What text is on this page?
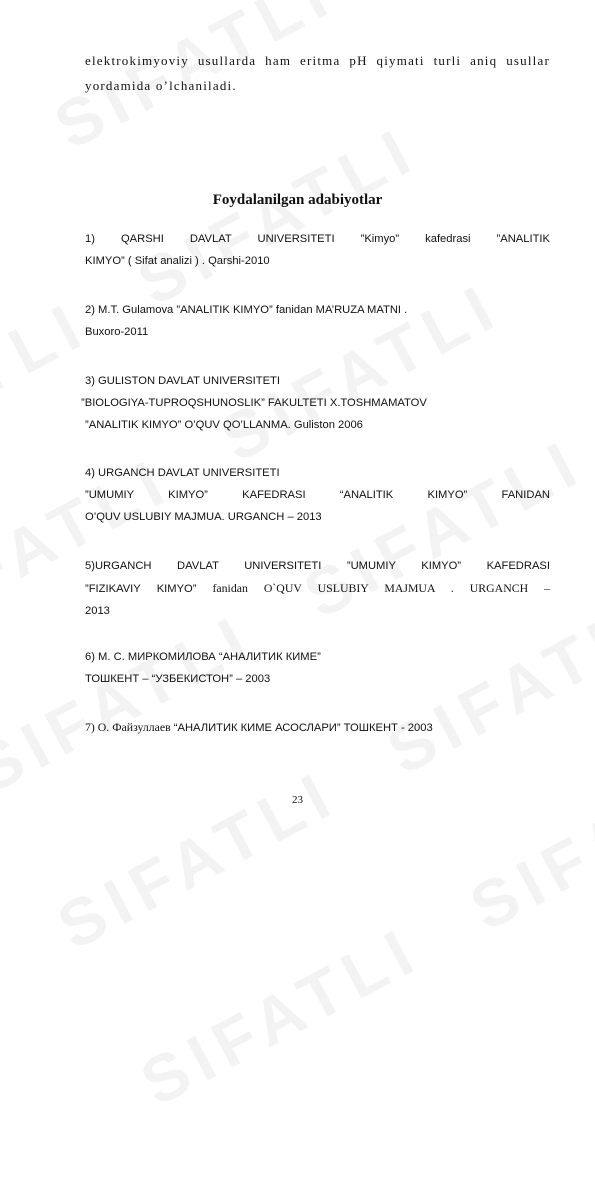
elektrokimyoviy usullarda ham eritma pH qiymati turli aniq usullar

yordamida o’lchaniladi.

Foydalanilgan adabiyotlar
1) QARSHI DAVLAT UNIVERSITETI ”Kimyo” kafedrasi ”ANALITIK
KIMYO” ( Sifat analizi ) . Qarshi-2010
2) M.T. Gulamova ”ANALITIK KIMYO” fanidan MA’RUZA MATNI .
Buxoro-2011
3) GULISTON DAVLAT UNIVERSITETI
”BIOLOGIYA-TUPROQSHUNOSLIK” FAKULTETI X.TOSHMAMATOV
”ANALITIK KIMYO” O’QUV QO’LLANMA. Guliston 2006
4) URGANCH DAVLAT UNIVERSITETI
”UMUMIY KIMYO” KAFEDRASI “ANALITIK KIMYO” FANIDAN
O’QUV USLUBIY MAJMUA. URGANCH – 2013
5)URGANCH DAVLAT UNIVERSITETI ”UMUMIY KIMYO” KAFEDRASI
”FIZIKAVIY KIMYO” fanidan O`QUV USLUBIY MAJMUA . URGANCH –
2013
6) М. С. МИРКОМИЛОВА “АНАЛИТИК КИМЕ”
ТОШКЕНТ – “УЗБЕКИСТОН” – 2003
7) О. Файзуллаев “АНАЛИТИК КИМЕ АСОСЛАРИ” ТОШКЕНТ - 2003
23
